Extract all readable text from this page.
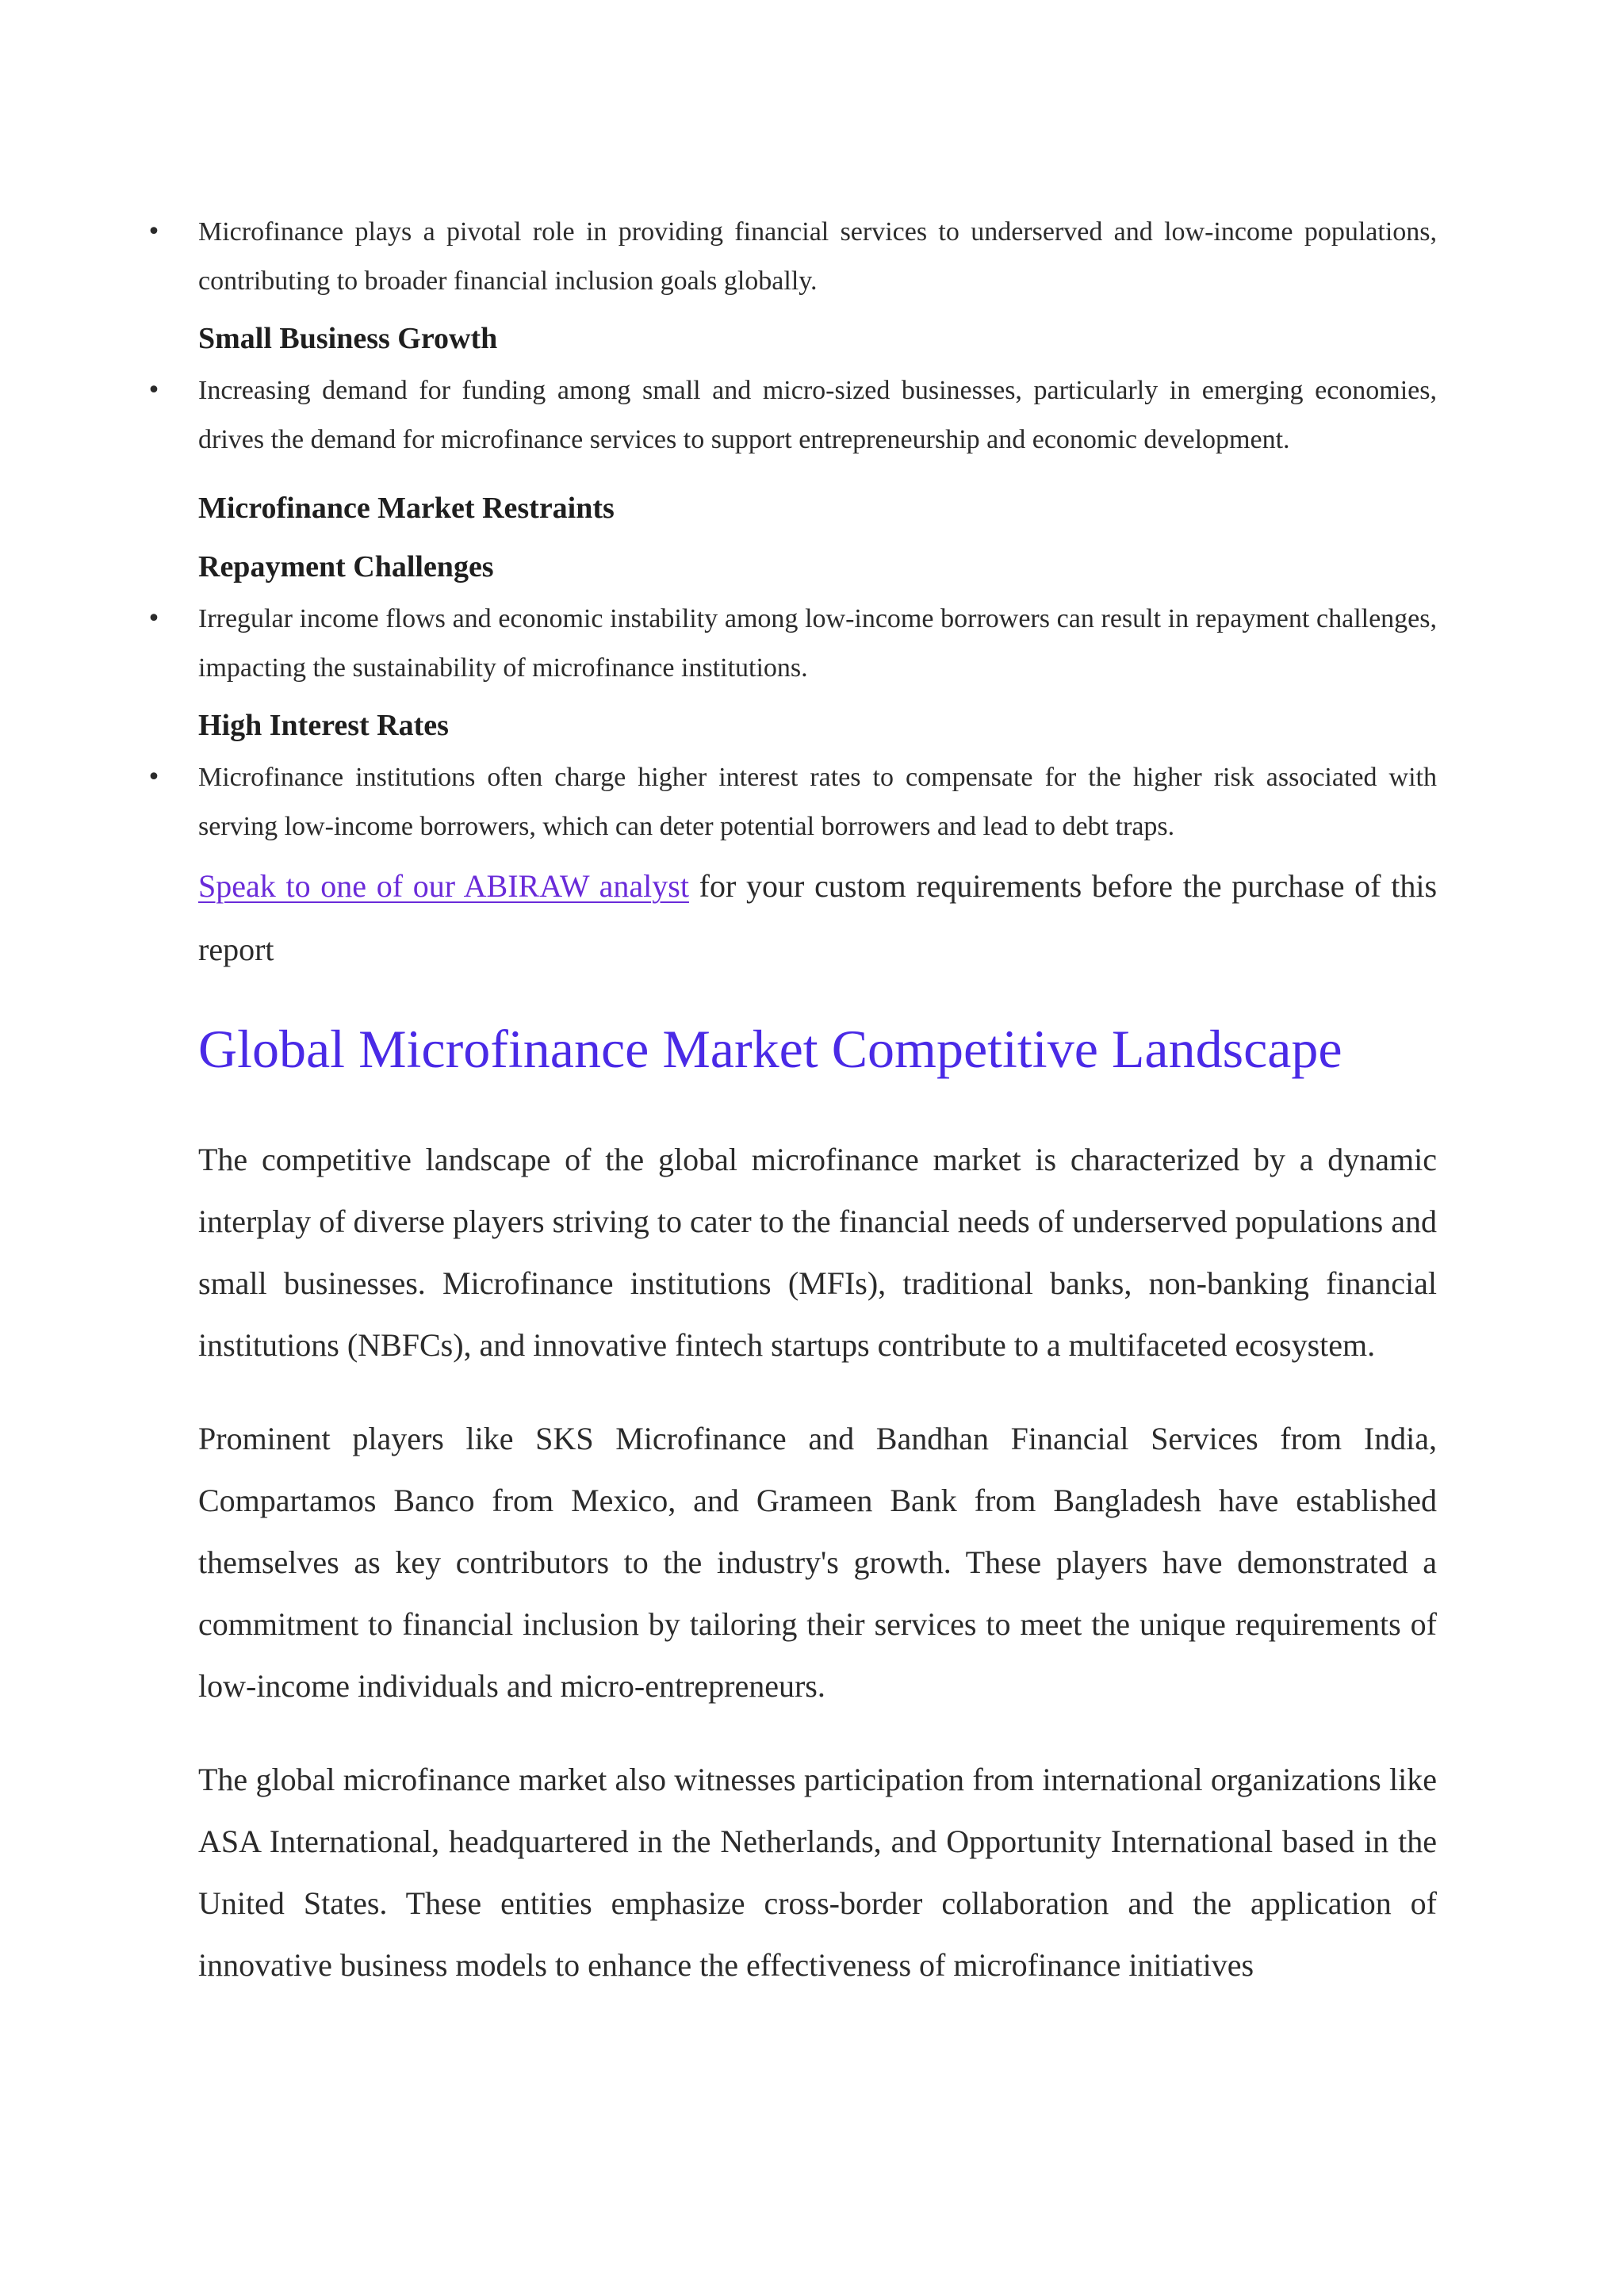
• Microfinance plays a pivotal role in providing financial services to underserved and low-income populations, contributing to broader financial inclusion goals globally.
Small Business Growth
• Increasing demand for funding among small and micro-sized businesses, particularly in emerging economies, drives the demand for microfinance services to support entrepreneurship and economic development.
Microfinance Market Restraints
Repayment Challenges
• Irregular income flows and economic instability among low-income borrowers can result in repayment challenges, impacting the sustainability of microfinance institutions.
High Interest Rates
• Microfinance institutions often charge higher interest rates to compensate for the higher risk associated with serving low-income borrowers, which can deter potential borrowers and lead to debt traps.
Speak to one of our ABIRAW analyst for your custom requirements before the purchase of this report
Global Microfinance Market Competitive Landscape

The competitive landscape of the global microfinance market is characterized by a dynamic interplay of diverse players striving to cater to the financial needs of underserved populations and small businesses. Microfinance institutions (MFIs), traditional banks, non-banking financial institutions (NBFCs), and innovative fintech startups contribute to a multifaceted ecosystem.

Prominent players like SKS Microfinance and Bandhan Financial Services from India, Compartamos Banco from Mexico, and Grameen Bank from Bangladesh have established themselves as key contributors to the industry's growth. These players have demonstrated a commitment to financial inclusion by tailoring their services to meet the unique requirements of low-income individuals and micro-entrepreneurs.

The global microfinance market also witnesses participation from international organizations like ASA International, headquartered in the Netherlands, and Opportunity International based in the United States. These entities emphasize cross-border collaboration and the application of innovative business models to enhance the effectiveness of microfinance initiatives
